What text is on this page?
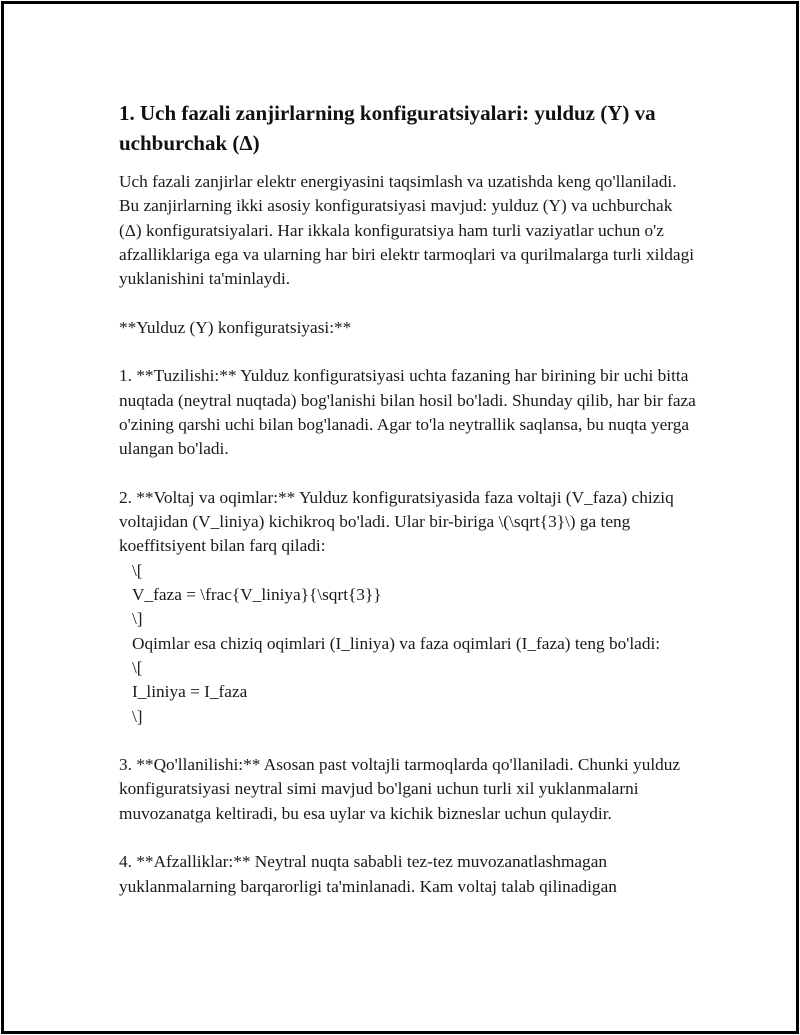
1. Uch fazali zanjirlarning konfiguratsiyalari: yulduz (Y) va uchburchak (Δ)

Uch fazali zanjirlar elektr energiyasini taqsimlash va uzatishda keng qo'llaniladi. Bu zanjirlarning ikki asosiy konfiguratsiyasi mavjud: yulduz (Y) va uchburchak (Δ) konfiguratsiyalari. Har ikkala konfiguratsiya ham turli vaziyatlar uchun o'z afzalliklariga ega va ularning har biri elektr tarmoqlari va qurilmalarga turli xildagi yuklanishini ta'minlaydi.

**Yulduz (Y) konfiguratsiyasi:**

1. **Tuzilishi:** Yulduz konfiguratsiyasi uchta fazaning har birining bir uchi bitta nuqtada (neytral nuqtada) bog'lanishi bilan hosil bo'ladi. Shunday qilib, har bir faza o'zining qarshi uchi bilan bog'lanadi. Agar to'la neytrallik saqlansa, bu nuqta yerga ulangan bo'ladi.

2. **Voltaj va oqimlar:** Yulduz konfiguratsiyasida faza voltaji (V_faza) chiziq voltajidan (V_liniya) kichikroq bo'ladi. Ular bir-biriga \(\sqrt{3}\) ga teng koeffitsiyent bilan farq qiladi:

\[

V_faza = \frac{V_liniya}{\sqrt{3}}

\]

Oqimlar esa chiziq oqimlari (I_liniya) va faza oqimlari (I_faza) teng bo'ladi:

\[

I_liniya = I_faza

\]

3. **Qo'llanilishi:** Asosan past voltajli tarmoqlarda qo'llaniladi. Chunki yulduz konfiguratsiyasi neytral simi mavjud bo'lgani uchun turli xil yuklanmalarni muvozanatga keltiradi, bu esa uylar va kichik bizneslar uchun qulaydir.

4. **Afzalliklar:** Neytral nuqta sababli tez-tez muvozanatlashmagan yuklanmalarning barqarorligi ta'minlanadi. Kam voltaj talab qilinadigan
